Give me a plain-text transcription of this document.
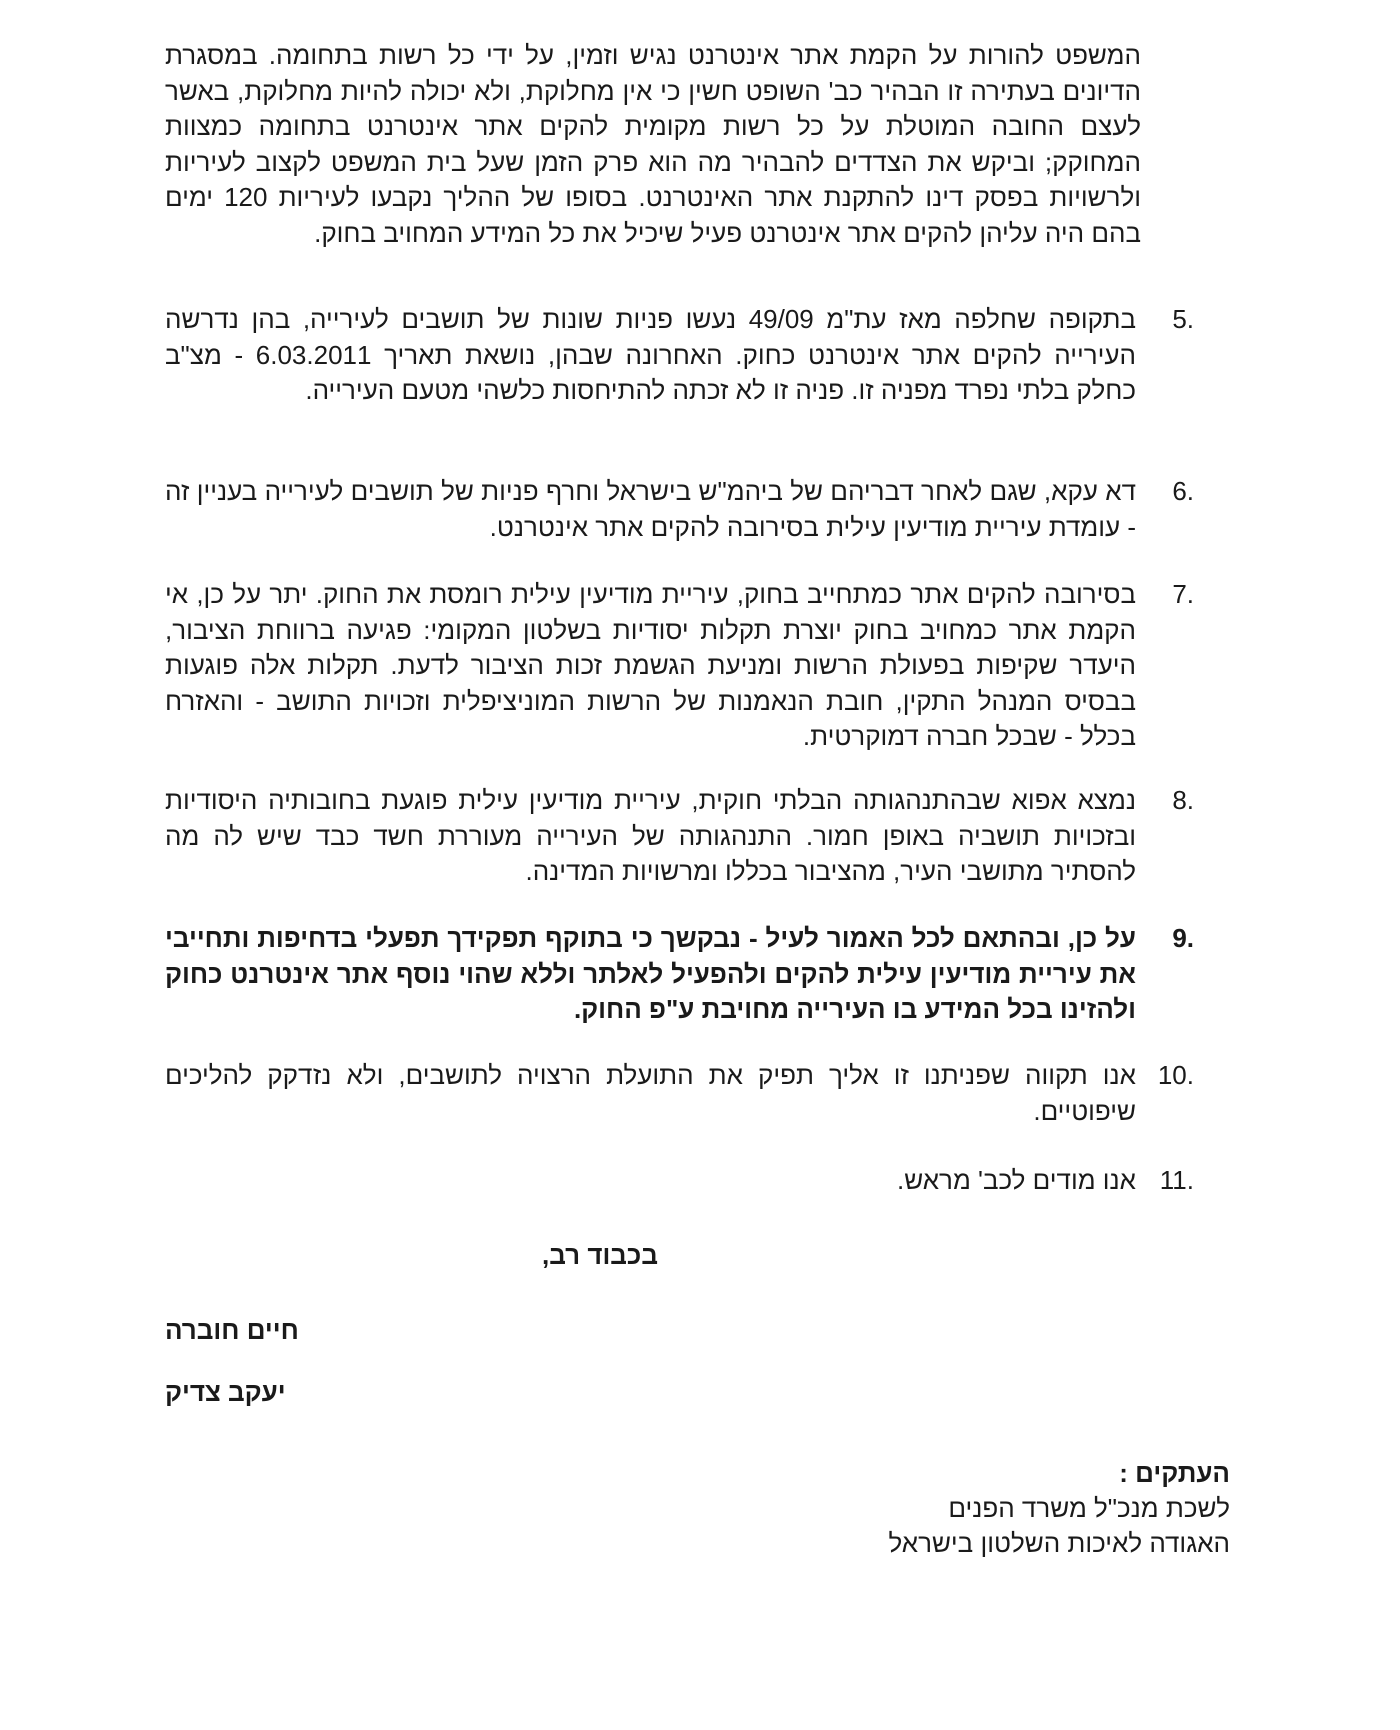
המשפט להורות על הקמת אתר אינטרנט נגיש וזמין, על ידי כל רשות בתחומה. במסגרת הדיונים בעתירה זו הבהיר כב' השופט חשין כי אין מחלוקת, ולא יכולה להיות מחלוקת, באשר לעצם החובה המוטלת על כל רשות מקומית להקים אתר אינטרנט בתחומה כמצוות המחוקק; וביקש את הצדדים להבהיר מה הוא פרק הזמן שעל בית המשפט לקצוב לעיריות ולרשויות בפסק דינו להתקנת אתר האינטרנט. בסופו של ההליך נקבעו לעיריות 120 ימים בהם היה עליהן להקים אתר אינטרנט פעיל שיכיל את כל המידע המחויב בחוק.
5.
בתקופה שחלפה מאז עת"מ 49/09 נעשו פניות שונות של תושבים לעירייה, בהן נדרשה העירייה להקים אתר אינטרנט כחוק. האחרונה שבהן, נושאת תאריך 6.03.2011 - מצ"ב כחלק בלתי נפרד מפניה זו. פניה זו לא זכתה להתיחסות כלשהי מטעם העירייה.
6.
דא עקא, שגם לאחר דבריהם של ביהמ"ש בישראל וחרף פניות של תושבים לעירייה בעניין זה - עומדת עיריית מודיעין עילית בסירובה להקים אתר אינטרנט.
7.
בסירובה להקים אתר כמתחייב בחוק, עיריית מודיעין עילית רומסת את החוק. יתר על כן, אי הקמת אתר כמחויב בחוק יוצרת תקלות יסודיות בשלטון המקומי: פגיעה ברווחת הציבור, היעדר שקיפות בפעולת הרשות ומניעת הגשמת זכות הציבור לדעת. תקלות אלה פוגעות בבסיס המנהל התקין, חובת הנאמנות של הרשות המוניציפלית וזכויות התושב - והאזרח בכלל - שבכל חברה דמוקרטית.
8.
נמצא אפוא שבהתנהגותה הבלתי חוקית, עיריית מודיעין עילית פוגעת בחובותיה היסודיות ובזכויות תושביה באופן חמור. התנהגותה של העירייה מעוררת חשד כבד שיש לה מה להסתיר מתושבי העיר, מהציבור בכללו ומרשויות המדינה.
9.
על כן, ובהתאם לכל האמור לעיל - נבקשך כי בתוקף תפקידך תפעלי בדחיפות ותחייבי את עיריית מודיעין עילית להקים ולהפעיל לאלתר וללא שהוי נוסף אתר אינטרנט כחוק ולהזינו בכל המידע בו העירייה מחויבת ע"פ החוק.
10.
אנו תקווה שפניתנו זו אליך תפיק את התועלת הרצויה לתושבים, ולא נזדקק להליכים שיפוטיים.
11.
אנו מודים לכב' מראש.
בכבוד רב,
חיים חוברה
יעקב צדיק
העתקים :
לשכת מנכ"ל משרד הפנים
האגודה לאיכות השלטון בישראל
